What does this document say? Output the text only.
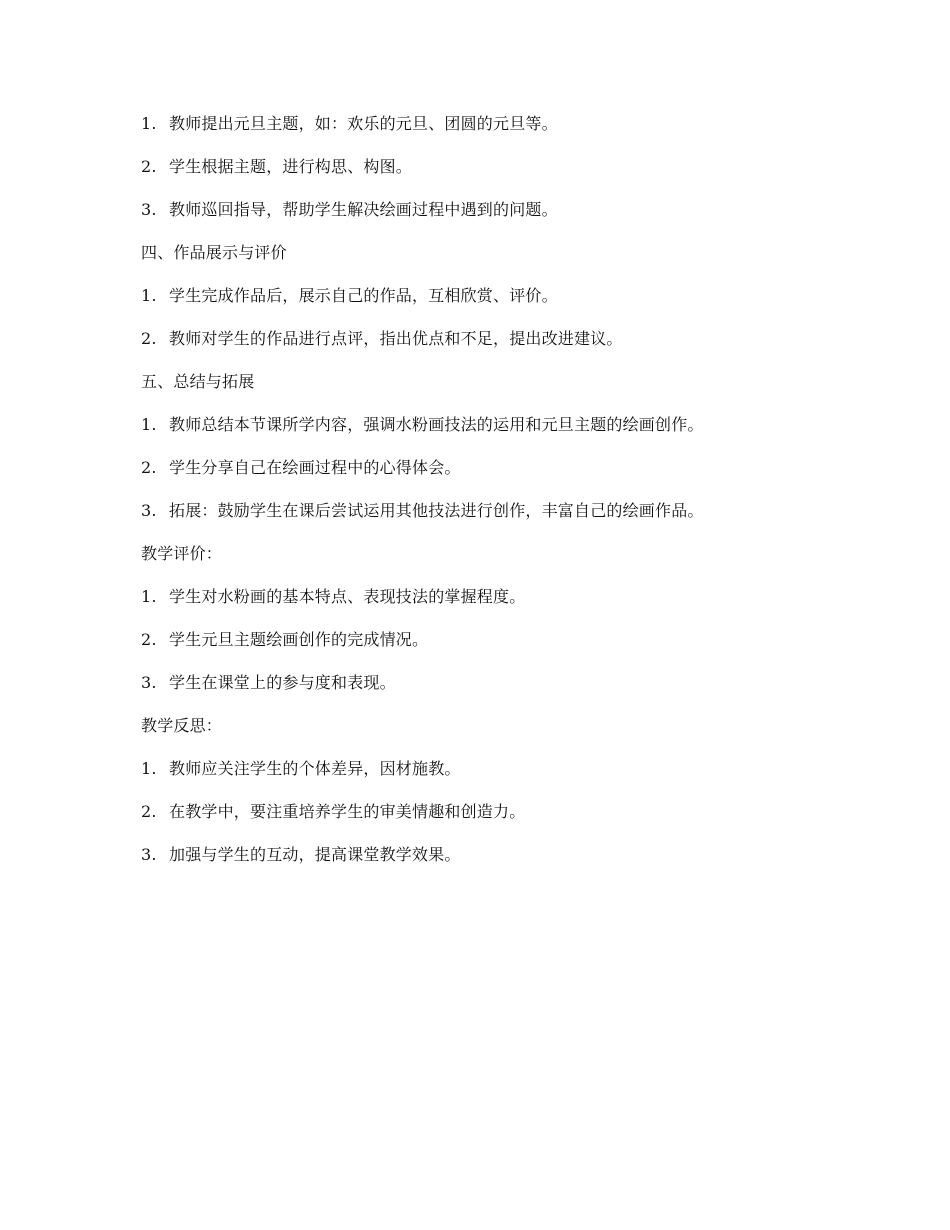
1. 教师提出元旦主题，如：欢乐的元旦、团圆的元旦等。
2. 学生根据主题，进行构思、构图。
3. 教师巡回指导，帮助学生解决绘画过程中遇到的问题。
四、作品展示与评价
1. 学生完成作品后，展示自己的作品，互相欣赏、评价。
2. 教师对学生的作品进行点评，指出优点和不足，提出改进建议。
五、总结与拓展
1. 教师总结本节课所学内容，强调水粉画技法的运用和元旦主题的绘画创作。
2. 学生分享自己在绘画过程中的心得体会。
3. 拓展：鼓励学生在课后尝试运用其他技法进行创作，丰富自己的绘画作品。
教学评价：
1. 学生对水粉画的基本特点、表现技法的掌握程度。
2. 学生元旦主题绘画创作的完成情况。
3. 学生在课堂上的参与度和表现。
教学反思：
1. 教师应关注学生的个体差异，因材施教。
2. 在教学中，要注重培养学生的审美情趣和创造力。
3. 加强与学生的互动，提高课堂教学效果。
